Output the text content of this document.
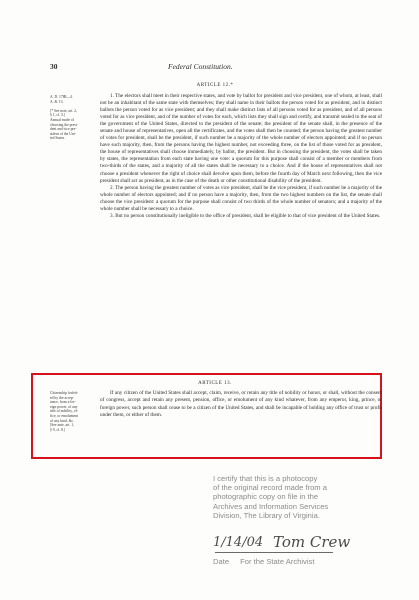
30	Federal Constitution.
ARTICLE 12.*
A. D. 1788—4.
A. R. 13.

[* See note, art. 2,
§ 1, cl. 3.]
Annual mode of
choosing the presi-
dent and vice pre-
sident of the Uni-
ted States.

1. The electors shall meet in their respective states, and vote by ballot for president and vice president, one of whom, at least, shall not be an inhabitant of the same state with themselves; they shall name in their ballots the person voted for as president, and in distinct ballots the person voted for as vice president; and they shall make distinct lists of all persons voted for as president, and of all persons voted for as vice president, and of the number of votes for each, which lists they shall sign and certify, and transmit sealed to the seat of the government of the United States, directed to the president of the senate; the president of the senate shall, in the presence of the senate and house of representatives, open all the certificates, and the votes shall then be counted; the person having the greatest number of votes for president, shall be the president, if such number be a majority of the whole number of electors appointed; and if no person have such majority, then, from the persons having the highest number, not exceeding three, on the list of those voted for as president, the house of representatives shall choose immediately, by ballot, the president. But in choosing the president, the votes shall be taken by states, the representation from each state having one vote: a quorum for this purpose shall consist of a member or members from two-thirds of the states, and a majority of all the states shall be necessary to a choice. And if the house of representatives shall not choose a president whenever the right of choice shall devolve upon them, before the fourth day of March next following, then the vice president shall act as president, as in the case of the death or other constitutional disability of the president.

2. The person having the greatest number of votes as vice president, shall be the vice president, if such number be a majority of the whole number of electors appointed; and if no person have a majority, then, from the two highest numbers on the list, the senate shall choose the vice president: a quorum for the purpose shall consist of two thirds of the whole number of senators; and a majority of the whole number shall be necessary to a choice.

3. But no person constitutionally ineligible to the office of president, shall be eligible to that of vice president of the United States.

ARTICLE 13.
Citizenship forfeit-
ed by the accep-
tance, from a for-
eign power, of any
title of nobility, of-
fice, or emolument
of any kind, &c.
[See ante, art. 1,
§ 9, cl. 8.]

If any citizen of the United States shall accept, claim, receive, or retain any title of nobility or honor, or shall, without the consent of congress, accept and retain any present, pension, office, or emolument of any kind whatever, from any emperor, king, prince, or foreign power, such person shall cease to be a citizen of the United States, and shall be incapable of holding any office of trust or profit under them, or either of them.

I certify that this is a photocopy
of the original record made from a
photographic copy on file in the
Archives and Information Services
Division, The Library of Virginia.
1/14/04 Tom Crew
Date For the State Archivist
